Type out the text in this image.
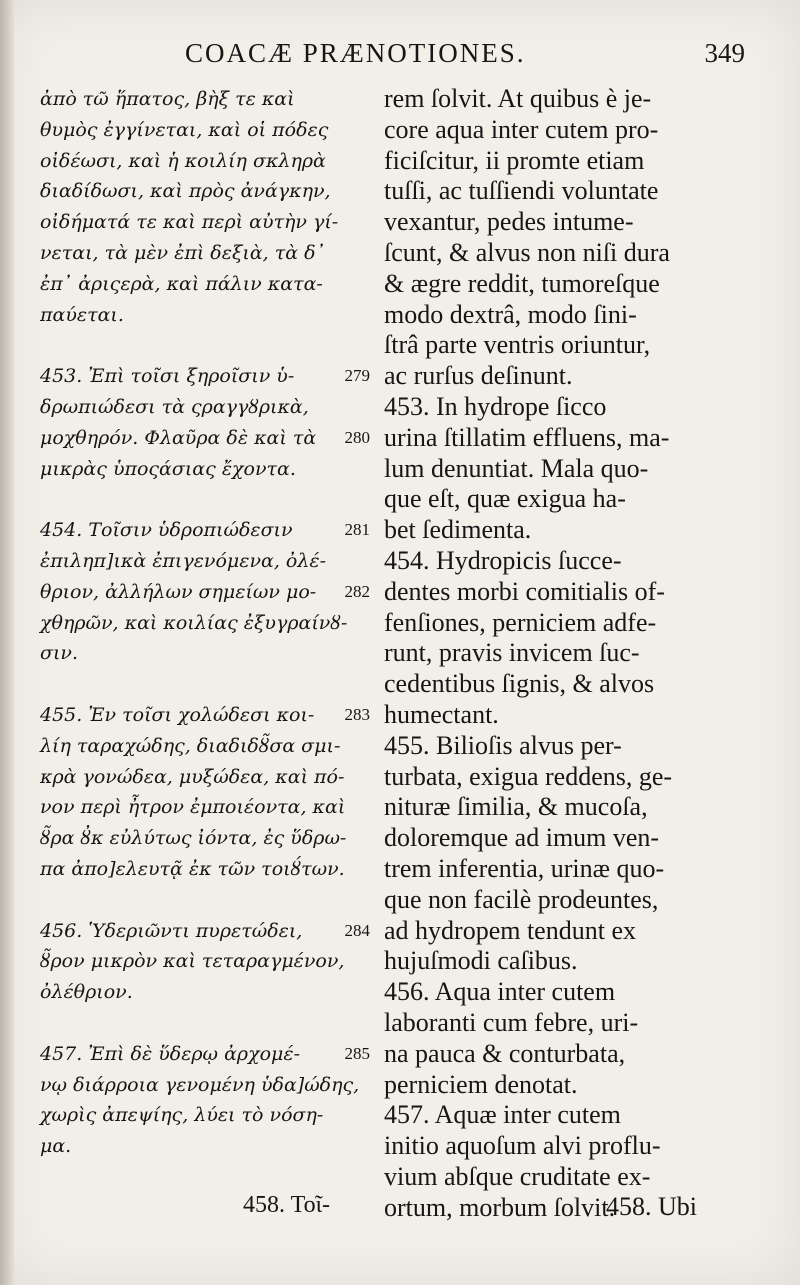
COACÆ PRÆNOTIONES.	349
ἀπὸ τῶ ἥπατος, βὴξ τε καὶ
θυμὸς ἐγγίνεται, καὶ οἱ πόδες
οἰδέωσι, καὶ ἡ κοιλίη σκληρὰ
διαδίδωσι, καὶ πρὸς ἀνάγκην,
οἰδήματά τε καὶ περὶ αὐτὴν γί-
νεται, τὰ μὲν ἐπὶ δεξιὰ, τὰ δ᾽
ἐπ᾽ ἀριςερὰ, καὶ πάλιν κατα-
παύεται.
453. Ἐπὶ τοῖσι ξηροῖσιν ὑ-	279
δρωπιώδεσι τὰ ςραγγȣρικὰ,
μοχθηρόν. Φλαῦρα δὲ καὶ τὰ	280
μικρὰς ὑποςάσιας ἔχοντα.
454. Τοῖσιν ὑδροπιώδεσιν	281
ἐπιληπ]ικὰ ἐπιγενόμενα, ὀλέ-
θριον, ἀλλήλων σημείων μο-	282
χθηρῶν, καὶ κοιλίας ἐξυγραίνȣ-
σιν.
455. Ἐν τοῖσι χολώδεσι κοι-	283
λίη ταραχώδης, διαδιδȣ̃σα σμι-
κρὰ γονώδεα, μυξώδεα, καὶ πό-
νον περὶ ἦτρον ἐμποιέοντα, καὶ
ȣ̃ρα ȣ̓κ εὐλύτως ἰόντα, ἐς ὕδρω-
πα ἀπο]ελευτᾷ ἐκ τῶν τοιȣ́των.
456. Ὑδεριῶντι πυρετώδει,	284
ȣ̃ρον μικρὸν καὶ τεταραγμένον,
ὀλέθριον.
457. Ἐπὶ δὲ ὕδερῳ ἀρχομέ-	285
νῳ διάρροια γενομένη ὑδα]ώδης,
χωρὶς ἀπεψίης, λύει τὸ νόση-
μα.
rem ſolvit. At quibus è je-
core aqua inter cutem pro-
ficiſcitur, ii promte etiam
tuſſi, ac tuſſiendi voluntate
vexantur, pedes intume-
ſcunt, & alvus non niſi dura
& ægre reddit, tumoreſque
modo dextrâ, modo ſini-
ſtrâ parte ventris oriuntur,
ac rurſus deſinunt.
453. In hydrope ſicco
urina ſtillatim effluens, ma-
lum denuntiat. Mala quo-
que eſt, quæ exigua ha-
bet ſedimenta.
454. Hydropicis ſucce-
dentes morbi comitialis of-
fenſiones, perniciem adfe-
runt, pravis invicem ſuc-
cedentibus ſignis, & alvos
humectant.
455. Bilioſis alvus per-
turbata, exigua reddens, ge-
nituræ ſimilia, & mucoſa,
doloremque ad imum ven-
trem inferentia, urinæ quo-
que non facilè prodeuntes,
ad hydropem tendunt ex
hujuſmodi caſibus.
456. Aqua inter cutem
laboranti cum febre, uri-
na pauca & conturbata,
perniciem denotat.
457. Aquæ inter cutem
initio aquoſum alvi proflu-
vium abſque cruditate ex-
ortum, morbum ſolvit.
458. Τοῖ-	458. Ubi
